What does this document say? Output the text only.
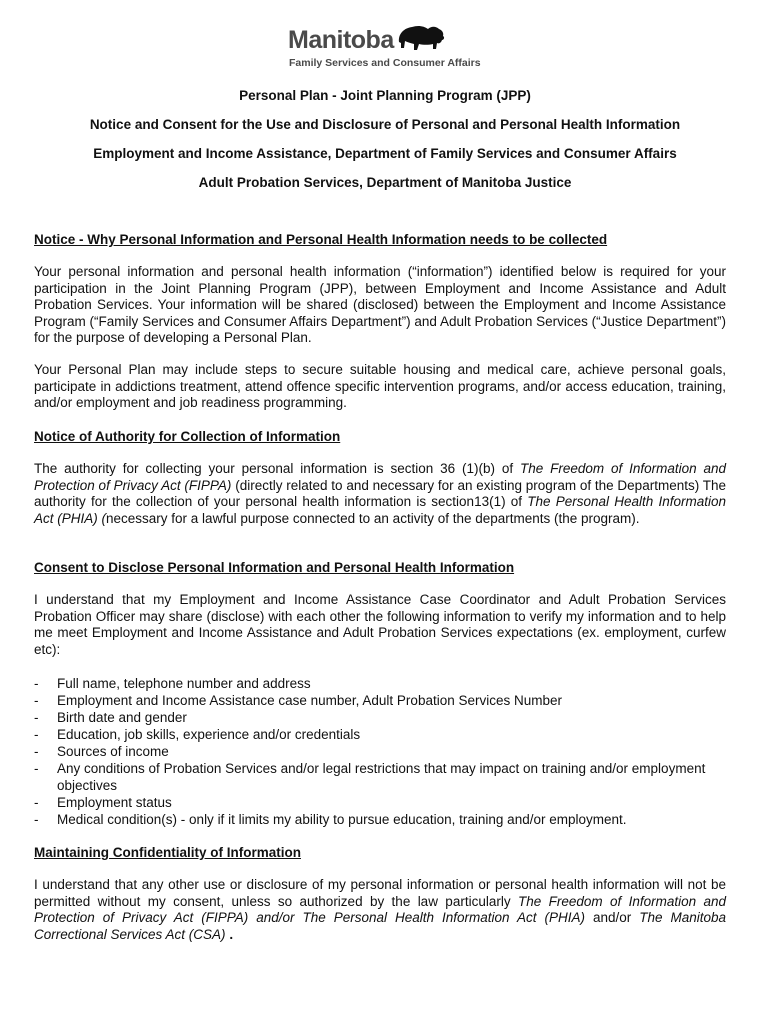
Manitoba
Family Services and Consumer Affairs
Personal Plan - Joint Planning Program (JPP)
Notice and Consent for the Use and Disclosure of Personal and Personal Health Information
Employment and Income Assistance, Department of Family Services and Consumer Affairs
Adult Probation Services, Department of Manitoba Justice
Notice - Why Personal Information and Personal Health Information needs to be collected
Your personal information and personal health information (“information”) identified below is required for your participation in the Joint Planning Program (JPP), between Employment and Income Assistance and Adult Probation Services. Your information will be shared (disclosed) between the Employment and Income Assistance Program (“Family Services and Consumer Affairs Department”) and Adult Probation Services (“Justice Department”) for the purpose of developing a Personal Plan.
Your Personal Plan may include steps to secure suitable housing and medical care, achieve personal goals, participate in addictions treatment, attend offence specific intervention programs, and/or access education, training, and/or employment and job readiness programming.
Notice of Authority for Collection of Information
The authority for collecting your personal information is section 36 (1)(b) of The Freedom of Information and Protection of Privacy Act (FIPPA) (directly related to and necessary for an existing program of the Departments) The authority for the collection of your personal health information is section13(1) of The Personal Health Information Act (PHIA) (necessary for a lawful purpose connected to an activity of the departments (the program).
Consent to Disclose Personal Information and Personal Health Information
I understand that my Employment and Income Assistance Case Coordinator and Adult Probation Services Probation Officer may share (disclose) with each other the following information to verify my information and to help me meet Employment and Income Assistance and Adult Probation Services expectations (ex. employment, curfew etc):
- Full name, telephone number and address
- Employment and Income Assistance case number, Adult Probation Services Number
- Birth date and gender
- Education, job skills, experience and/or credentials
- Sources of income
- Any conditions of Probation Services and/or legal restrictions that may impact on training and/or employment objectives
- Employment status
- Medical condition(s) - only if it limits my ability to pursue education, training and/or employment.
Maintaining Confidentiality of Information
I understand that any other use or disclosure of my personal information or personal health information will not be permitted without my consent, unless so authorized by the law particularly The Freedom of Information and Protection of Privacy Act (FIPPA) and/or The Personal Health Information Act (PHIA) and/or The Manitoba Correctional Services Act (CSA) .
